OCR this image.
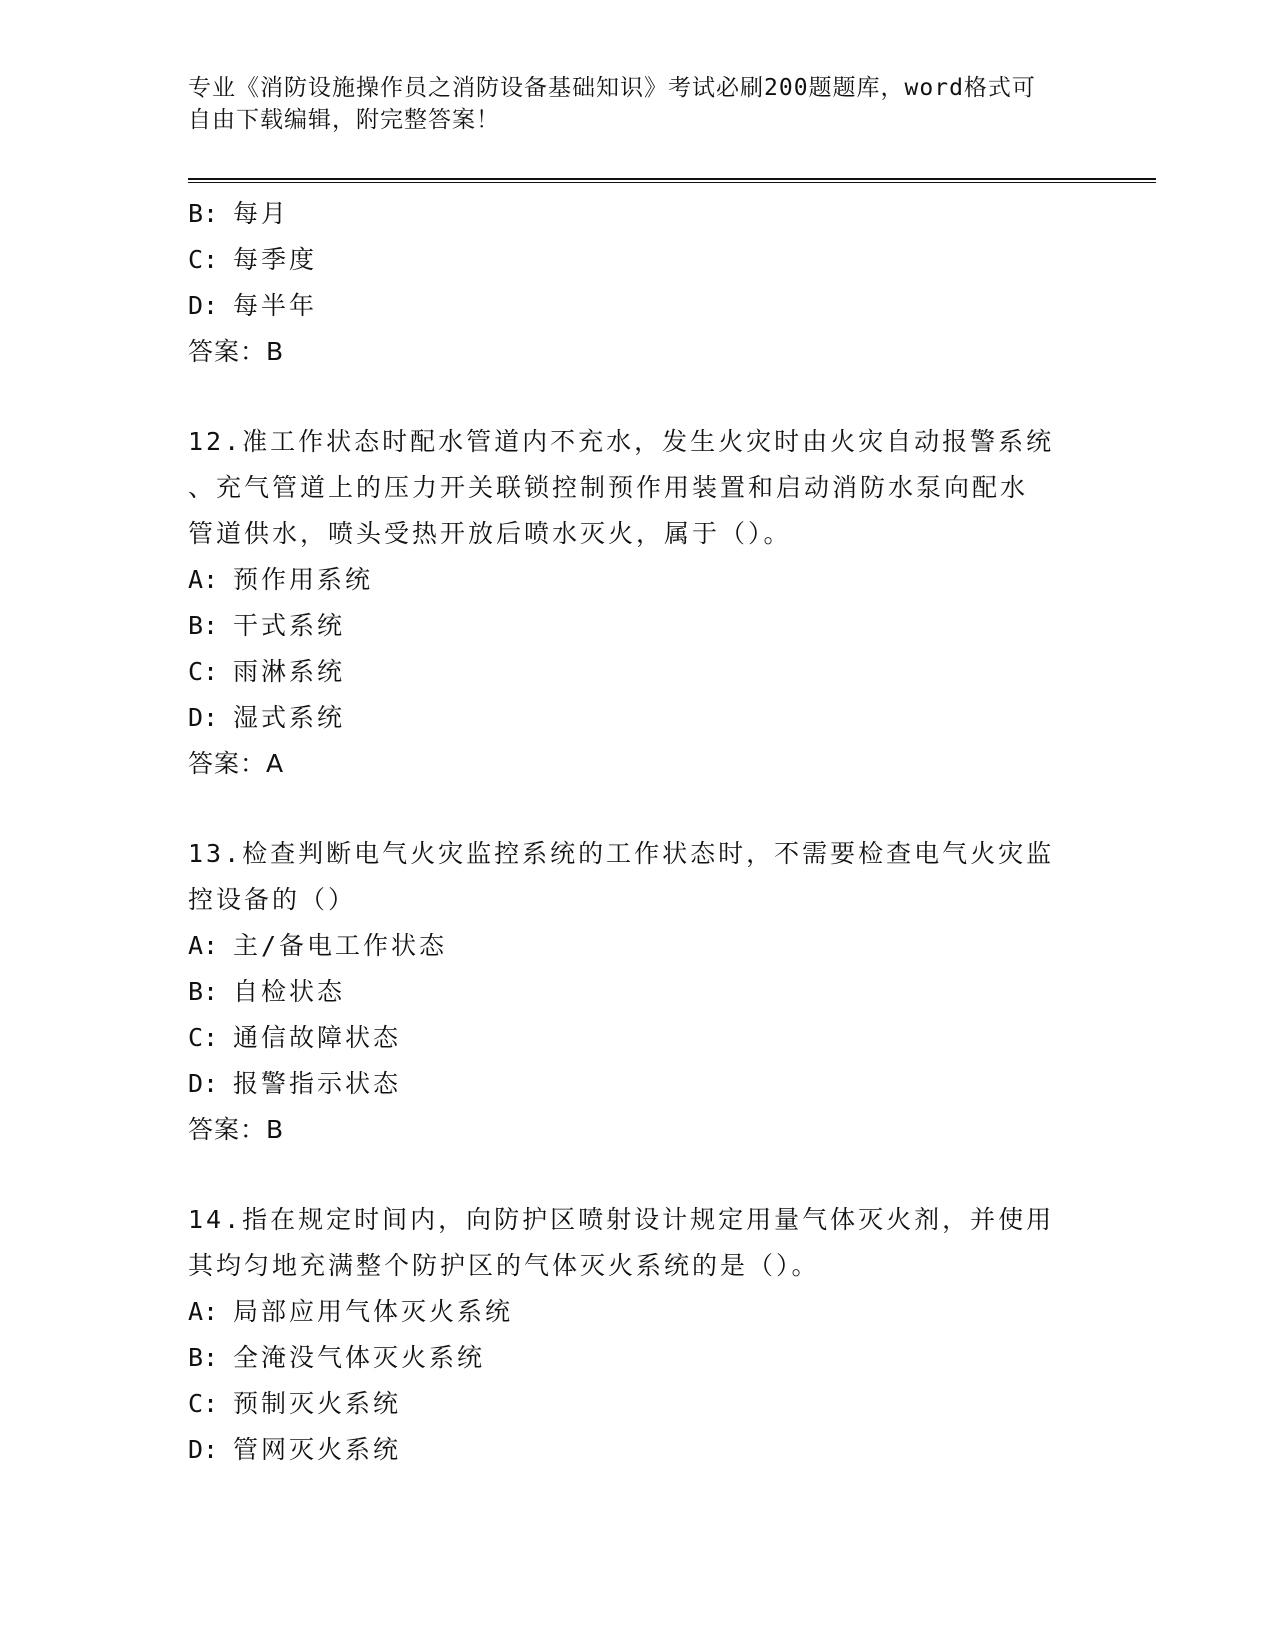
专业《消防设施操作员之消防设备基础知识》考试必刷200题题库，word格式可
自由下载编辑，附完整答案！
B: 每月
C: 每季度
D: 每半年
答案：B
12.准工作状态时配水管道内不充水，发生火灾时由火灾自动报警系统
、充气管道上的压力开关联锁控制预作用装置和启动消防水泵向配水
管道供水，喷头受热开放后喷水灭火，属于（）。
A: 预作用系统
B: 干式系统
C: 雨淋系统
D: 湿式系统
答案：A
13.检查判断电气火灾监控系统的工作状态时，不需要检查电气火灾监
控设备的（）
A: 主/备电工作状态
B: 自检状态
C: 通信故障状态
D: 报警指示状态
答案：B
14.指在规定时间内，向防护区喷射设计规定用量气体灭火剂，并使用
其均匀地充满整个防护区的气体灭火系统的是（）。
A: 局部应用气体灭火系统
B: 全淹没气体灭火系统
C: 预制灭火系统
D: 管网灭火系统
